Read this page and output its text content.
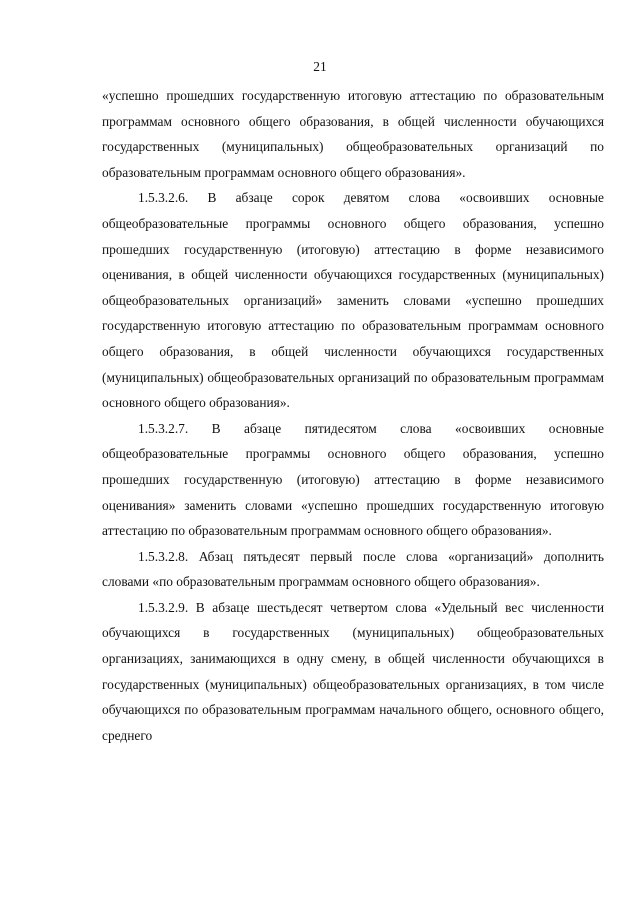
21

«успешно прошедших государственную итоговую аттестацию по образовательным программам основного общего образования, в общей численности обучающихся государственных (муниципальных) общеобразовательных организаций по образовательным программам основного общего образования».

1.5.3.2.6. В абзаце сорок девятом слова «освоивших основные общеобразовательные программы основного общего образования, успешно прошедших государственную (итоговую) аттестацию в форме независимого оценивания, в общей численности обучающихся государственных (муниципальных) общеобразовательных организаций» заменить словами «успешно прошедших государственную итоговую аттестацию по образовательным программам основного общего образования, в общей численности обучающихся государственных (муниципальных) общеобразовательных организаций по образовательным программам основного общего образования».

1.5.3.2.7. В абзаце пятидесятом слова «освоивших основные общеобразовательные программы основного общего образования, успешно прошедших государственную (итоговую) аттестацию в форме независимого оценивания» заменить словами «успешно прошедших государственную итоговую аттестацию по образовательным программам основного общего образования».

1.5.3.2.8. Абзац пятьдесят первый после слова «организаций» дополнить словами «по образовательным программам основного общего образования».

1.5.3.2.9. В абзаце шестьдесят четвертом слова «Удельный вес численности обучающихся в государственных (муниципальных) общеобразовательных организациях, занимающихся в одну смену, в общей численности обучающихся в государственных (муниципальных) общеобразовательных организациях, в том числе обучающихся по образовательным программам начального общего, основного общего, среднего
